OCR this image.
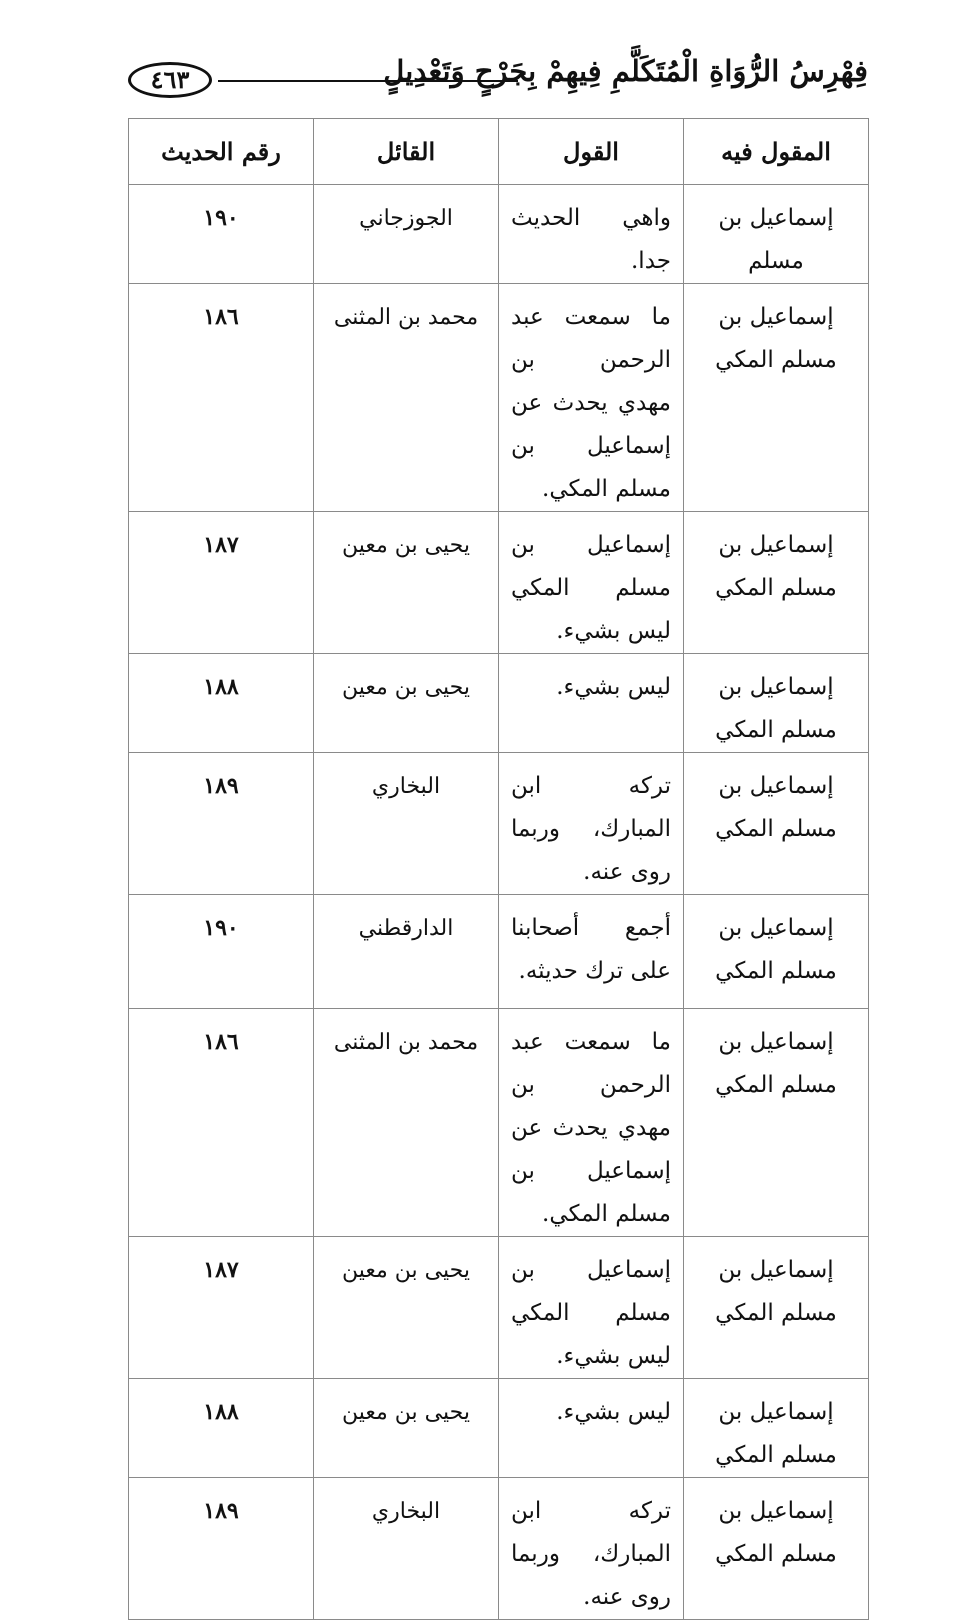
فِهْرِسُ الرُّوَاةِ الْمُتَكَلَّمِ فِيهِمْ بِجَرْحٍ وَتَعْدِيلٍ
٤٦٣
المقول فيه	القول	القائل	رقم الحديث
إسماعيل بن مسلم	واهي الحديث جدا.	الجوزجاني	١٩٠
إسماعيل بن مسلم المكي	ما سمعت عبد الرحمن بن مهدي يحدث عن إسماعيل بن مسلم المكي.	محمد بن المثنى	١٨٦
إسماعيل بن مسلم المكي	إسماعيل بن مسلم المكي ليس بشيء.	يحيى بن معين	١٨٧
إسماعيل بن مسلم المكي	ليس بشيء.	يحيى بن معين	١٨٨
إسماعيل بن مسلم المكي	تركه ابن المبارك، وربما روى عنه.	البخاري	١٨٩
إسماعيل بن مسلم المكي	أجمع أصحابنا على ترك حديثه.	الدارقطني	١٩٠
إسماعيل بن مسلم المكي	ما سمعت عبد الرحمن بن مهدي يحدث عن إسماعيل بن مسلم المكي.	محمد بن المثنى	١٨٦
إسماعيل بن مسلم المكي	إسماعيل بن مسلم المكي ليس بشيء.	يحيى بن معين	١٨٧
إسماعيل بن مسلم المكي	ليس بشيء.	يحيى بن معين	١٨٨
إسماعيل بن مسلم المكي	تركه ابن المبارك، وربما روى عنه.	البخاري	١٨٩
